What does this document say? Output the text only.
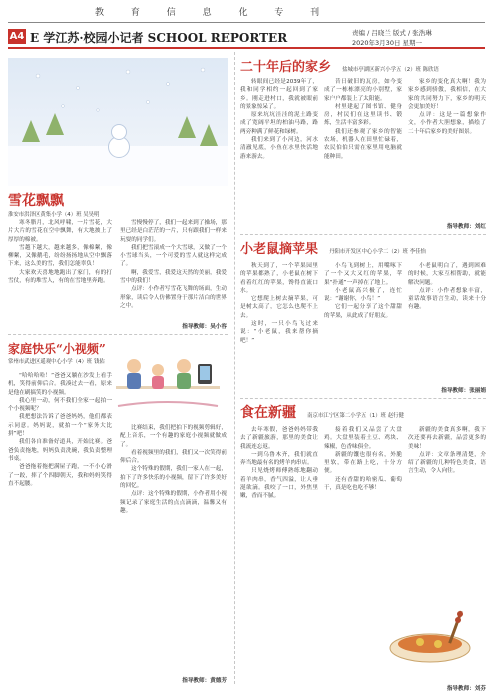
教 育 信 息 化 专 刊
A4 E 学江苏·校园小记者 SCHOOL REPORTER	责编 / 吕晓兰 版式 / 张浩琳
2020年3月30日 星期一
雪花飘飘
淮安市洪泽区黄集小学（4）班 吴昊明

寒冬腊月，北风呼啸，一片雪花，大片大片的雪花在空中飘舞，有大地披上了厚厚的棉被。

雪越下越大，越来越多，像棉絮，像柳絮，又像鹅毛，纷纷扬扬地从空中飘落下来，这么美的雪，我们怎能辜负！

大家欢天喜地地跑出了家门，有的打雪仗，有的堆雪人，有的在雪地里奔跑。

雪慢慢停了，我们一起来到了操场，那里已经是白茫茫的一片，只有跟我们一样来玩耍的同学们。

我们把雪滚成一个大雪球，又做了一个小雪球当头，一个可爱的雪人就这样完成了。

啊，我爱雪，我爱这天然的美丽，我爱雪中的我们！

点评：小作者写雪花飞舞的场面，生动形象，读后令人仿佛置身于那片洁白的世界之中。

指导教师：吴小容
家庭快乐“小视频”
常州市武进区遥观中心小学（4）班 钱佑

“哈哈哈哈！”爸爸又躺在沙发上看手机，笑得前仰后合。我凑过去一看，原来是他在刷搞笑的小视频。

我心里一动，何不我们全家一起拍一个小视频呢？

我把想法告诉了爸爸妈妈，他们都表示同意。妈妈说，就拍一个“家务大比拼”吧！

我们各自准备好道具，开始比赛。爸爸负责拖地，妈妈负责洗碗，我负责整理书桌。

爸爸拖着拖把满屋子跑，一不小心滑了一跤，摔了个四脚朝天，我和妈妈笑得直不起腰。

比赛结束，我们把拍下的视频剪辑好，配上音乐，一个有趣的家庭小视频就做成了。

看着视频里的我们，我们又一次笑得前仰后合。

这个特殊的假期，我们一家人在一起，拍下了许多快乐的小视频，留下了许多美好的回忆。

点评：这个特殊的假期，小作者用小视频记录了家庭生活的点点滴滴，温馨又有趣。

指导教师：黄德芳
二十年后的家乡 盐城市亭湖区新兴小学五（2）班 陈欣语

转眼间已经是2039年了，我和同学相约一起回到了家乡。刚走进村口，我就被眼前的景象惊呆了。

原来坑坑洼洼的泥土路变成了宽阔平坦的柏油马路，路两旁种满了鲜花和绿树。

我们来到了小河边，河水清澈见底，小鱼在水里快活地游来游去。

昔日破旧的瓦房，如今变成了一栋栋漂亮的小别墅，家家户户都装上了太阳能。

村里建起了图书馆、健身房，村民们在这里读书、锻炼，生活丰富多彩。

我们还参观了家乡的智能农场，机器人在田里忙碌着，农民伯伯只需在家里用电脑就能种田。

家乡的变化真大啊！我为家乡感到骄傲，我相信，在大家的共同努力下，家乡的明天会更加美好！

点评：这是一篇想象作文，小作者大胆想象，描绘了二十年后家乡的美好图景。

指导教师：刘红
小老鼠摘苹果 丹阳市开发区中心小学二（2）班 李佳怡

秋天到了，一个苹果园里的苹果都熟了，小老鼠在树下看着红红的苹果，馋得直流口水。

它想爬上树去摘苹果，可是树太高了，它怎么也爬不上去。

这时，一只小鸟飞过来说：“小老鼠，我来帮你摘吧！”

小鸟飞到树上，用嘴啄下了一个又大又红的苹果，苹果“扑通”一声掉在了地上。

小老鼠高兴极了，连忙说：“谢谢你，小鸟！”

它们一起分享了这个甜甜的苹果，从此成了好朋友。

小老鼠明白了，遇到困难的时候，大家互相帮助，就能解决问题。

点评：小作者想象丰富，童话故事语言生动，读来十分有趣。

指导教师：张丽娟
食在新疆 南京市江宁区第二小学五（1）班 赵行健

去年寒假，爸爸妈妈带我去了新疆旅游，那里的美食让我流连忘返。

一到乌鲁木齐，我们就直奔当地最有名的烤羊肉串店。

只见烧烤师傅熟练地翻动着羊肉串，香气四溢，让人垂涎欲滴。我咬了一口，外焦里嫩，香而不腻。

接着我们又品尝了大盘鸡。大盘里装着土豆、鸡块、辣椒，色香味俱全。

新疆的馕也很有名，外脆里软，带在路上吃，十分方便。

还有香甜的哈密瓜、葡萄干，真是吃也吃不够！

新疆的美食真多啊，我下次还要再去新疆，品尝更多的美味！

点评：文章条理清楚，介绍了新疆的几种特色美食，语言生动，令人向往。

指导教师：刘芬
